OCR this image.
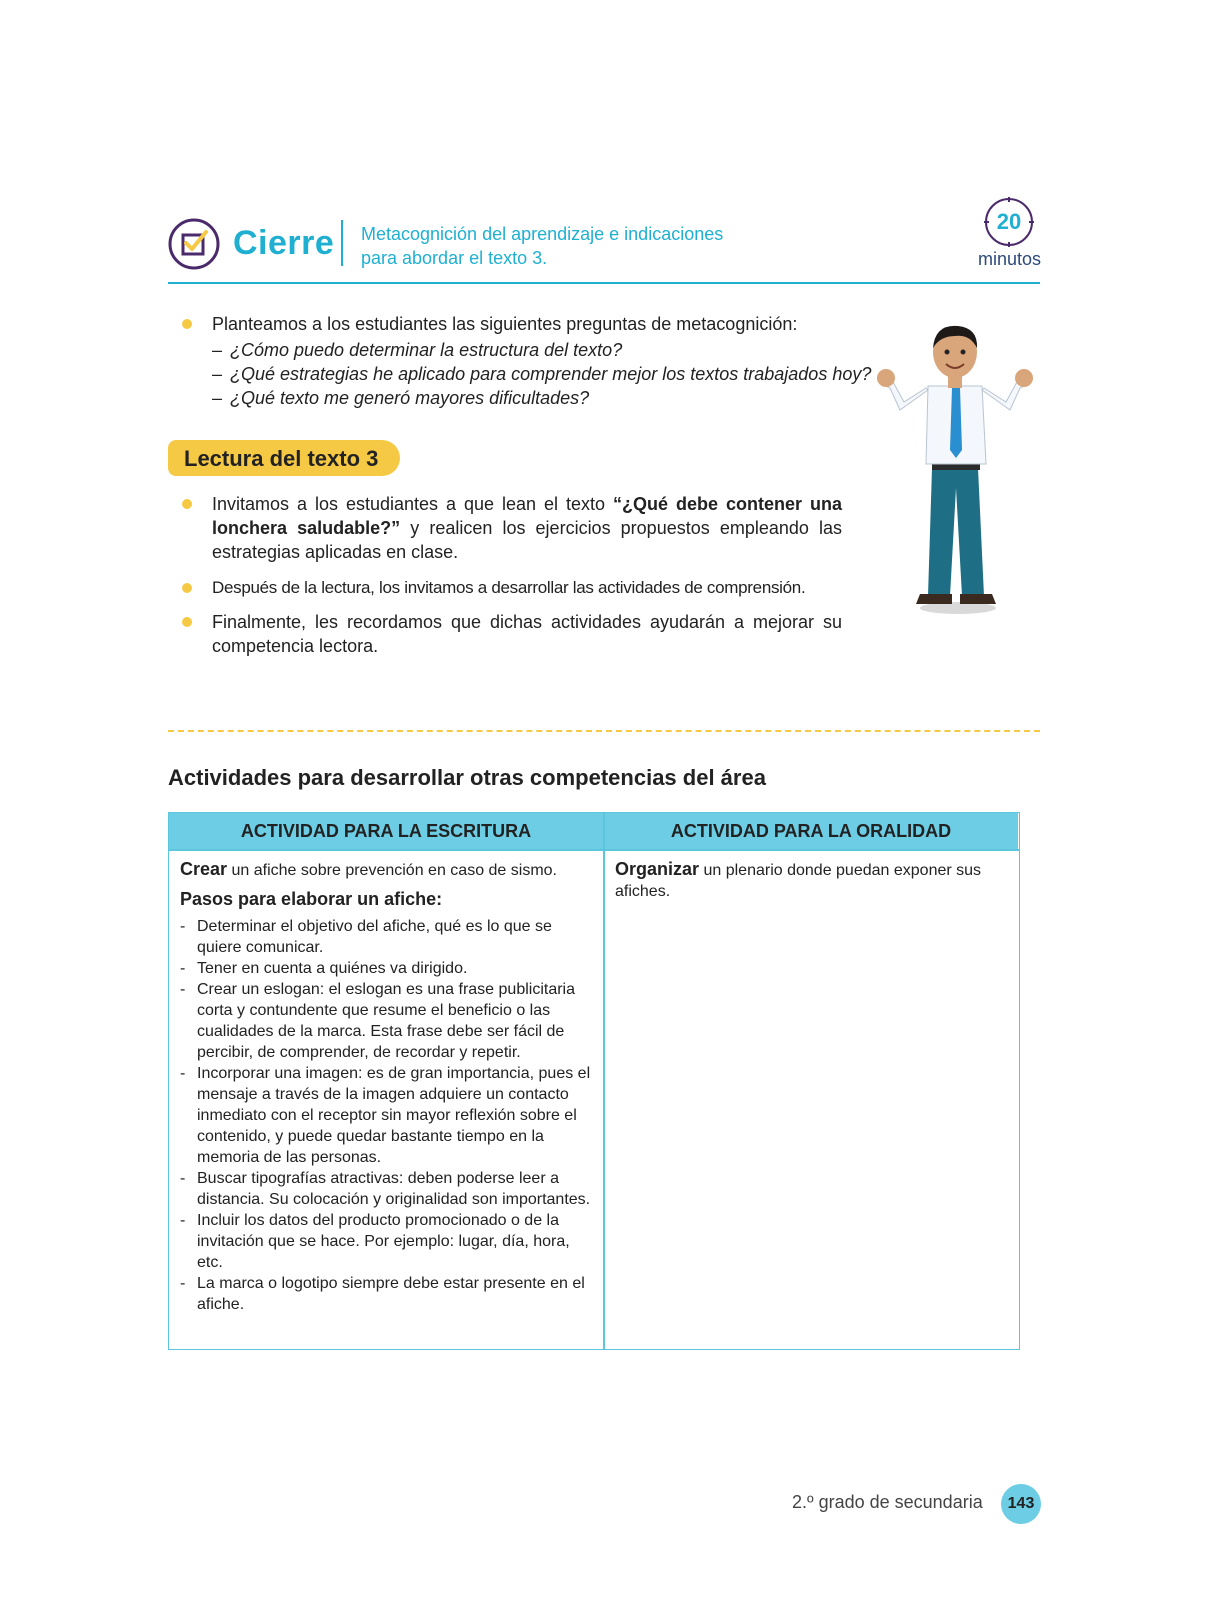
Cierre Metacognición del aprendizaje e indicaciones
para abordar el texto 3.
20
minutos
Planteamos a los estudiantes las siguientes preguntas de metacognición:
– ¿Cómo puedo determinar la estructura del texto?
– ¿Qué estrategias he aplicado para comprender mejor los textos trabajados hoy?
– ¿Qué texto me generó mayores dificultades?
Lectura del texto 3
Invitamos a los estudiantes a que lean el texto “¿Qué debe contener una lonchera saludable?” y realicen los ejercicios propuestos empleando las estrategias aplicadas en clase.
Después de la lectura, los invitamos a desarrollar las actividades de comprensión.
Finalmente, les recordamos que dichas actividades ayudarán a mejorar su competencia lectora.
Actividades para desarrollar otras competencias del área
ACTIVIDAD PARA LA ESCRITURA	ACTIVIDAD PARA LA ORALIDAD
Crear un afiche sobre prevención en caso de sismo.
Pasos para elaborar un afiche:
- Determinar el objetivo del afiche, qué es lo que se quiere comunicar.
- Tener en cuenta a quiénes va dirigido.
- Crear un eslogan: el eslogan es una frase publicitaria corta y contundente que resume el beneficio o las cualidades de la marca. Esta frase debe ser fácil de percibir, de comprender, de recordar y repetir.
- Incorporar una imagen: es de gran importancia, pues el mensaje a través de la imagen adquiere un contacto inmediato con el receptor sin mayor reflexión sobre el contenido, y puede quedar bastante tiempo en la memoria de las personas.
- Buscar tipografías atractivas: deben poderse leer a distancia. Su colocación y originalidad son importantes.
- Incluir los datos del producto promocionado o de la invitación que se hace. Por ejemplo: lugar, día, hora, etc.
- La marca o logotipo siempre debe estar presente en el afiche.
Organizar un plenario donde puedan exponer sus afiches.
2.º grado de secundaria	143
